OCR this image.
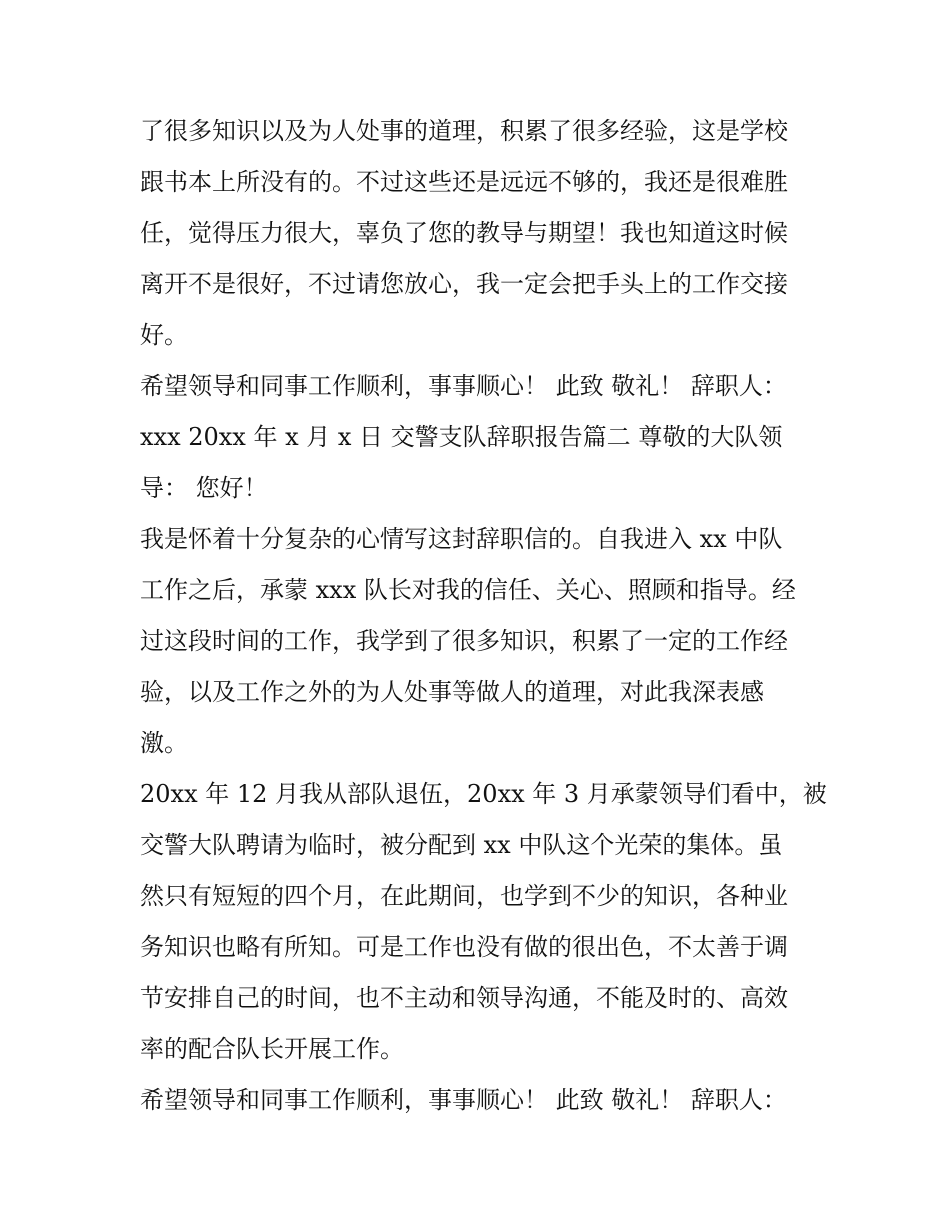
了很多知识以及为人处事的道理，积累了很多经验，这是学校
跟书本上所没有的。不过这些还是远远不够的，我还是很难胜
任，觉得压力很大，辜负了您的教导与期望！我也知道这时候
离开不是很好，不过请您放心，我一定会把手头上的工作交接
好。
希望领导和同事工作顺利，事事顺心！ 此致 敬礼！ 辞职人：
xxx 20xx 年 x 月 x 日 交警支队辞职报告篇二 尊敬的大队领
导： 您好！
我是怀着十分复杂的心情写这封辞职信的。自我进入 xx 中队
工作之后，承蒙 xxx 队长对我的信任、关心、照顾和指导。经
过这段时间的工作，我学到了很多知识，积累了一定的工作经
验，以及工作之外的为人处事等做人的道理，对此我深表感
激。
20xx 年 12 月我从部队退伍，20xx 年 3 月承蒙领导们看中，被
交警大队聘请为临时，被分配到 xx 中队这个光荣的集体。虽
然只有短短的四个月，在此期间，也学到不少的知识，各种业
务知识也略有所知。可是工作也没有做的很出色，不太善于调
节安排自己的时间，也不主动和领导沟通，不能及时的、高效
率的配合队长开展工作。
希望领导和同事工作顺利，事事顺心！ 此致 敬礼！ 辞职人：
